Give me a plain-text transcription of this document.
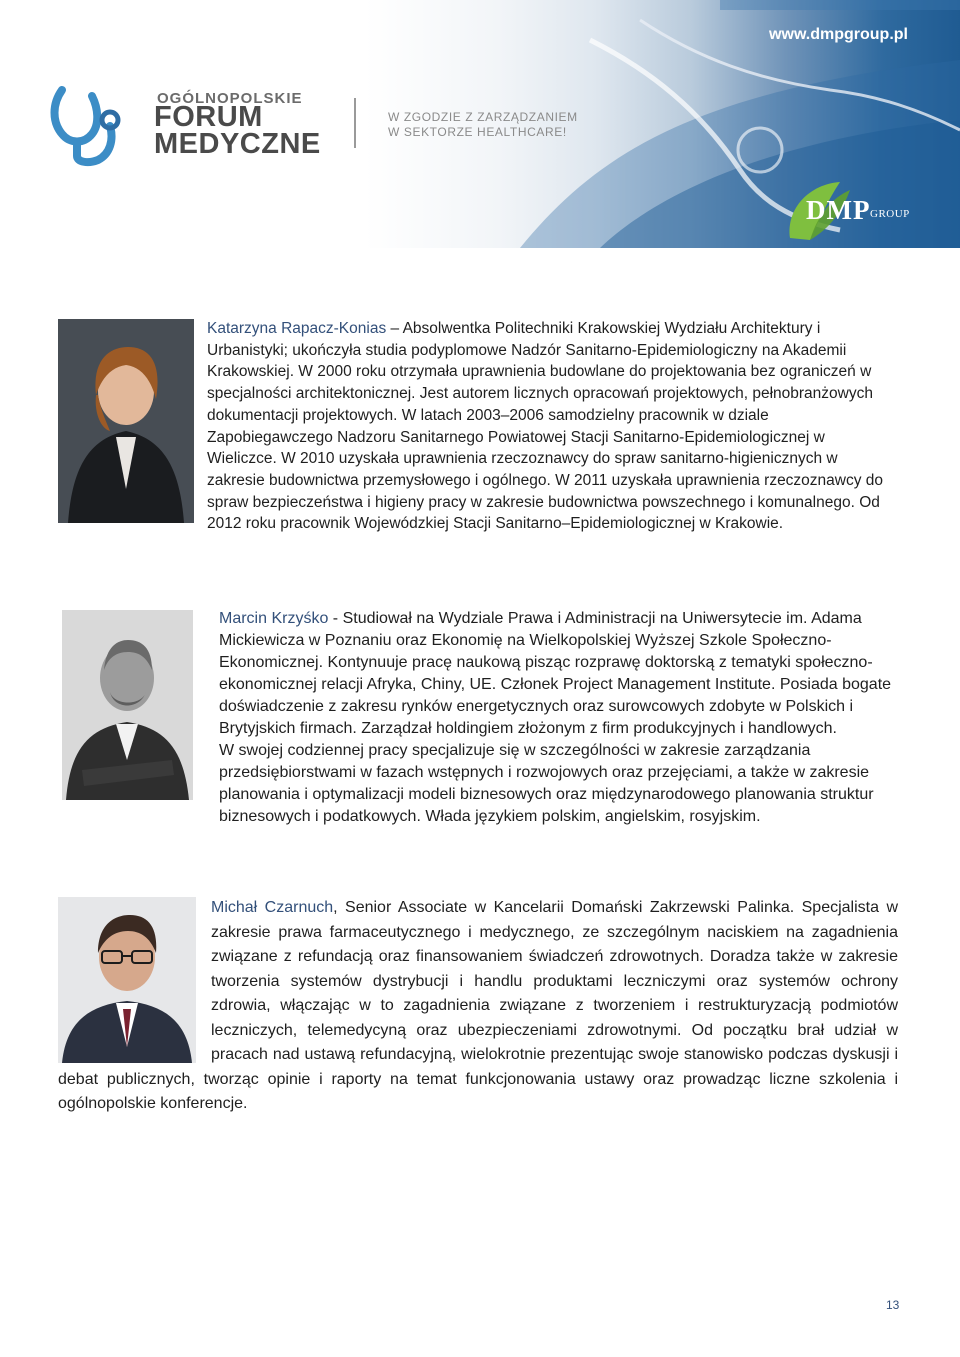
OGÓLNOPOLSKIE
FORUM
MEDYCZNE
W ZGODZIE Z ZARZĄDZANIEM
W SEKTORZE HEALTHCARE!
www.dmpgroup.pl
DMP GROUP
Katarzyna Rapacz-Konias – Absolwentka Politechniki Krakowskiej Wydziału Architektury i Urbanistyki; ukończyła studia podyplomowe Nadzór Sanitarno-Epidemiologiczny na Akademii Krakowskiej. W 2000 roku otrzymała uprawnienia budowlane do projektowania bez ograniczeń w specjalności architektonicznej. Jest autorem licznych opracowań projektowych, pełnobranżowych dokumentacji projektowych. W latach 2003–2006 samodzielny pracownik w dziale Zapobiegawczego Nadzoru Sanitarnego Powiatowej Stacji Sanitarno-Epidemiologicznej w Wieliczce. W 2010 uzyskała uprawnienia rzeczoznawcy do spraw sanitarno-higienicznych w zakresie budownictwa przemysłowego i ogólnego. W 2011 uzyskała uprawnienia rzeczoznawcy do spraw bezpieczeństwa i higieny pracy w zakresie budownictwa powszechnego i komunalnego. Od 2012 roku pracownik Wojewódzkiej Stacji Sanitarno–Epidemiologicznej w Krakowie.
Marcin Krzyśko - Studiował na Wydziale Prawa i Administracji na Uniwersytecie im. Adama Mickiewicza w Poznaniu oraz Ekonomię na Wielkopolskiej Wyższej Szkole Społeczno-Ekonomicznej. Kontynuuje pracę naukową pisząc rozprawę doktorską z tematyki społeczno-ekonomicznej relacji Afryka, Chiny, UE. Członek Project Management Institute. Posiada bogate doświadczenie z zakresu rynków energetycznych oraz surowcowych zdobyte w Polskich i Brytyjskich firmach. Zarządzał holdingiem złożonym z firm produkcyjnych i handlowych.
W swojej codziennej pracy specjalizuje się w szczególności w zakresie zarządzania przedsiębiorstwami w fazach wstępnych i rozwojowych oraz przejęciami, a także w zakresie planowania i optymalizacji modeli biznesowych oraz międzynarodowego planowania struktur biznesowych i podatkowych. Włada językiem polskim, angielskim, rosyjskim.
Michał Czarnuch, Senior Associate w Kancelarii Domański Zakrzewski Palinka. Specjalista w zakresie prawa farmaceutycznego i medycznego, ze szczególnym naciskiem na zagadnienia związane z refundacją oraz finansowaniem świadczeń zdrowotnych. Doradza także w zakresie tworzenia systemów dystrybucji i handlu produktami leczniczymi oraz systemów ochrony zdrowia, włączając w to zagadnienia związane z tworzeniem i restrukturyzacją podmiotów leczniczych, telemedycyną oraz ubezpieczeniami zdrowotnymi. Od początku brał udział w pracach nad ustawą refundacyjną, wielokrotnie prezentując swoje stanowisko podczas dyskusji i debat publicznych, tworząc opinie i raporty na temat funkcjonowania ustawy oraz prowadząc liczne szkolenia i ogólnopolskie konferencje.
13
